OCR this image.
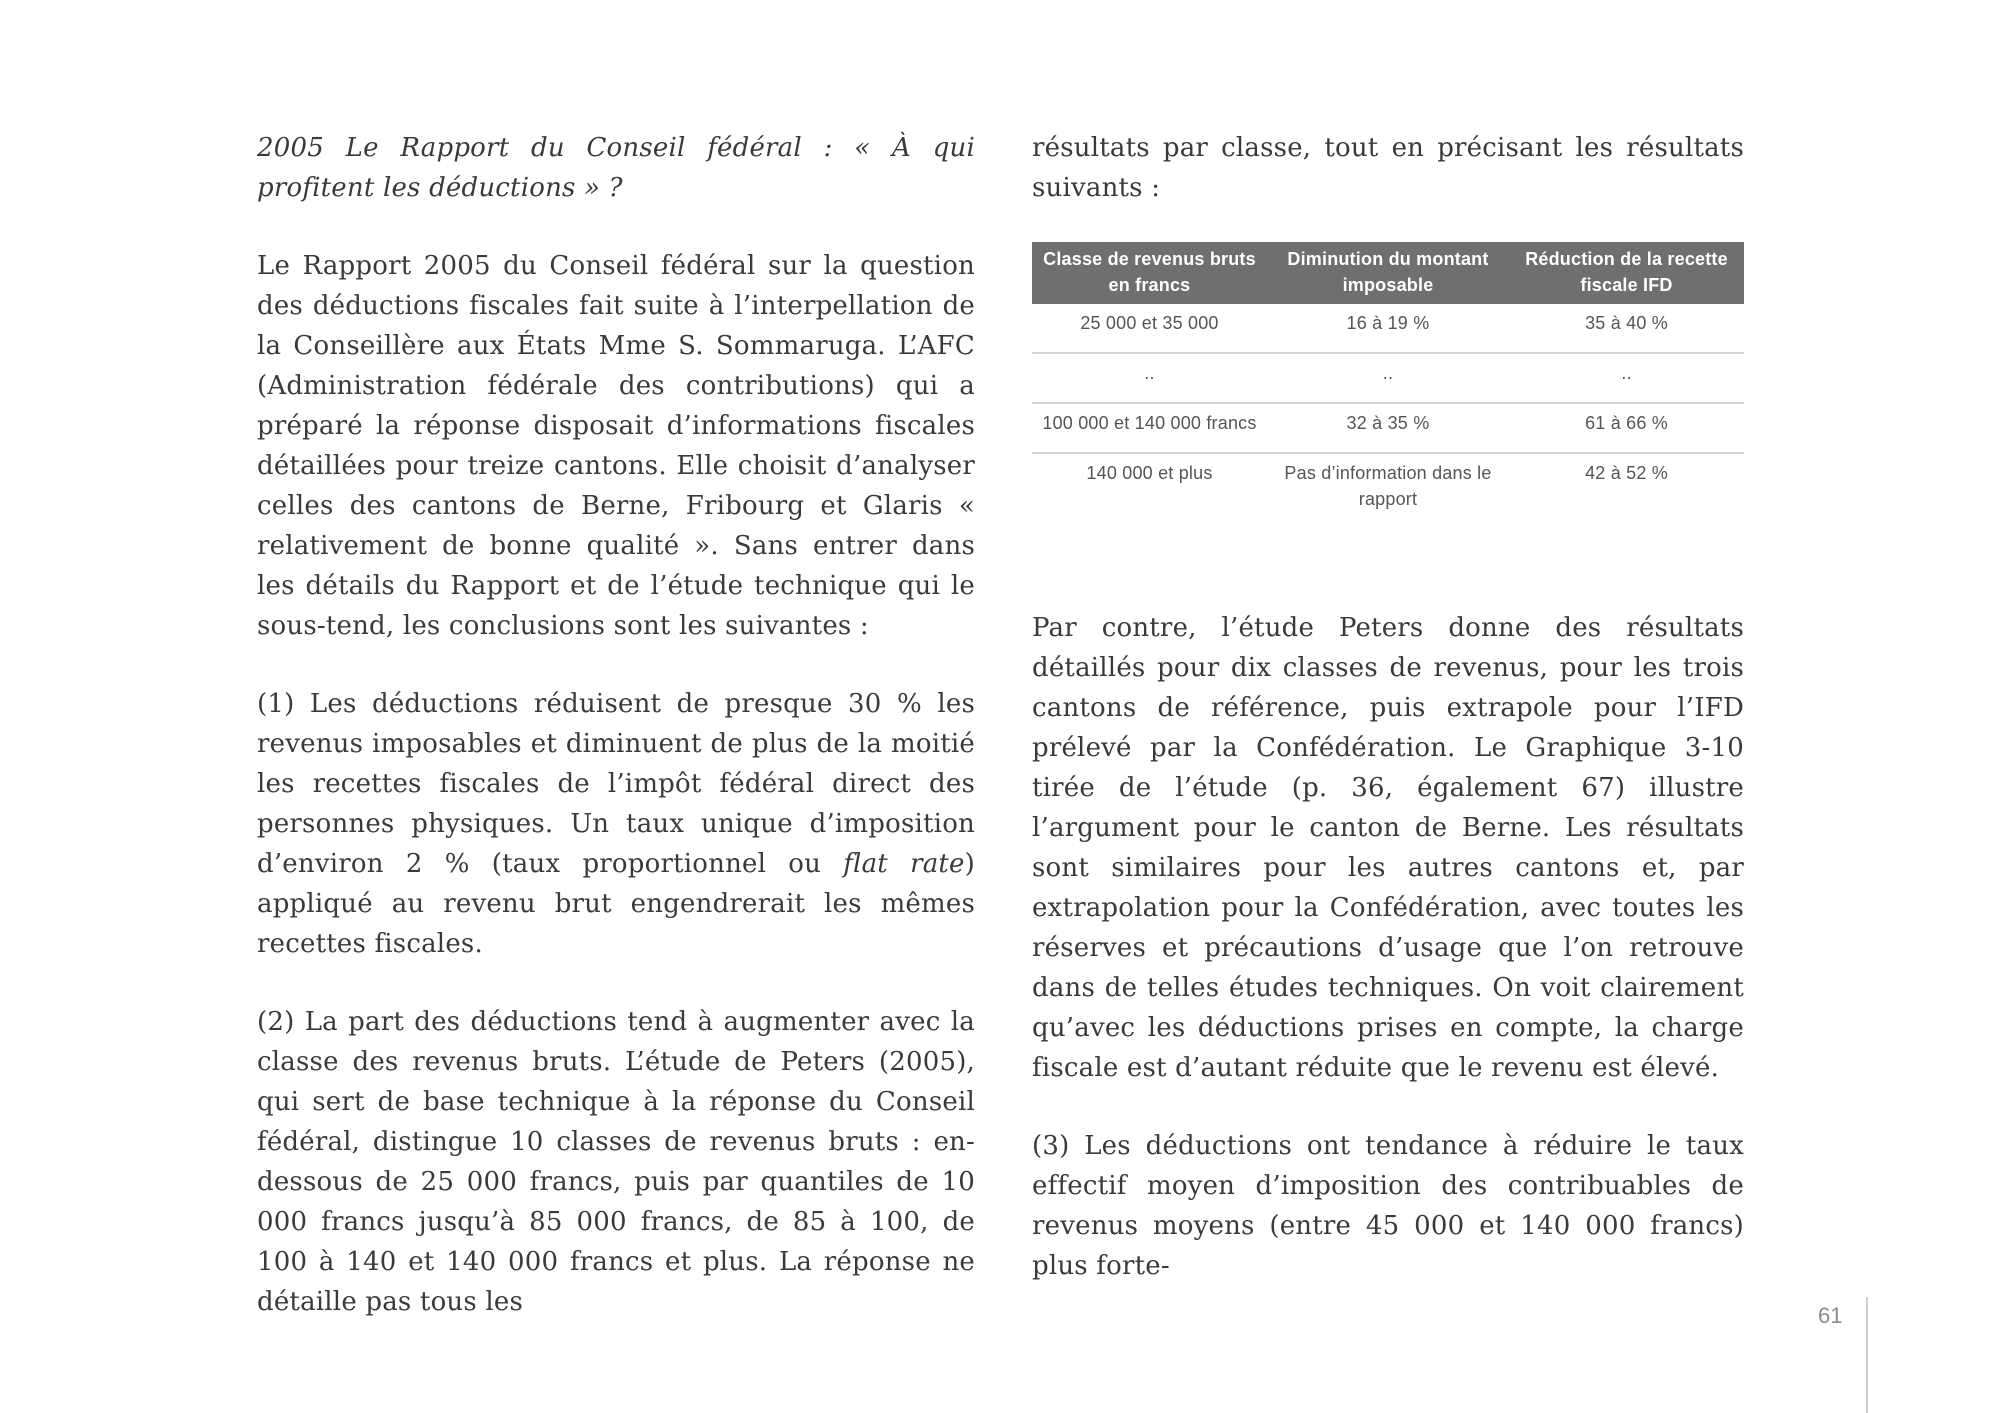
2005 Le Rapport du Conseil fédéral : « À qui profitent les déductions » ?

Le Rapport 2005 du Conseil fédéral sur la question des déductions fiscales fait suite à l’interpellation de la Conseillère aux États Mme S. Sommaruga. L’AFC (Administration fédérale des contributions) qui a préparé la réponse disposait d’informations fiscales détaillées pour treize cantons. Elle choisit d’analyser celles des cantons de Berne, Fribourg et Glaris « relativement de bonne qualité ». Sans entrer dans les détails du Rapport et de l’étude technique qui le sous-tend, les conclusions sont les suivantes :

(1) Les déductions réduisent de presque 30 % les revenus imposables et diminuent de plus de la moitié les recettes fiscales de l’impôt fédéral direct des personnes physiques. Un taux unique d’imposition d’environ 2 % (taux proportionnel ou flat rate) appliqué au revenu brut engendrerait les mêmes recettes fiscales.

(2) La part des déductions tend à augmenter avec la classe des revenus bruts. L’étude de Peters (2005), qui sert de base technique à la réponse du Conseil fédéral, distingue 10 classes de revenus bruts : en-dessous de 25 000 francs, puis par quantiles de 10 000 francs jusqu’à 85 000 francs, de 85 à 100, de 100 à 140 et 140 000 francs et plus. La réponse ne détaille pas tous les

résultats par classe, tout en précisant les résultats suivants :

Classe de revenus bruts en francs	Diminution du montant imposable	Réduction de la recette fiscale IFD
25 000 et 35 000	16 à 19 %	35 à 40 %
..	..	..
100 000 et 140 000 francs	32 à 35 %	61 à 66 %
140 000 et plus	Pas d’information dans le rapport	42 à 52 %

Par contre, l’étude Peters donne des résultats détaillés pour dix classes de revenus, pour les trois cantons de référence, puis extrapole pour l’IFD prélevé par la Confédération. Le Graphique 3-10 tirée de l’étude (p. 36, également 67) illustre l’argument pour le canton de Berne. Les résultats sont similaires pour les autres cantons et, par extrapolation pour la Confédération, avec toutes les réserves et précautions d’usage que l’on retrouve dans de telles études techniques. On voit clairement qu’avec les déductions prises en compte, la charge fiscale est d’autant réduite que le revenu est élevé.

(3) Les déductions ont tendance à réduire le taux effectif moyen d’imposition des contribuables de revenus moyens (entre 45 000 et 140 000 francs) plus forte-

61
